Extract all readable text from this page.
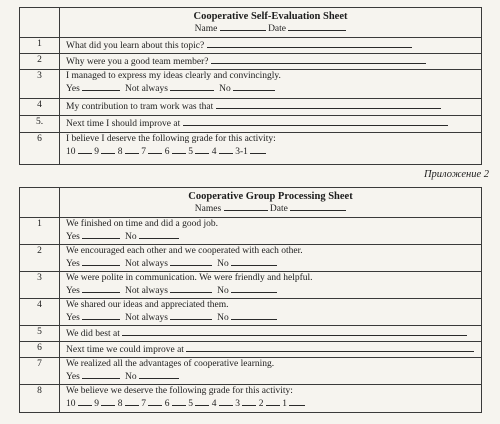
	Cooperative Self-Evaluation Sheet
Name Date

1	What did you learn about this topic?
2	Why were you a good team member?
3	I managed to express my ideas clearly and convincingly.
Yes Not always No

4	My contribution to tram work was that
5.	Next time I should improve at
6	I believe I deserve the following grade for this activity:
10 9 8 7 6 5 4 3-1
Приложение 2

	Cooperative Group Processing Sheet
Names Date

1	We finished on time and did a good job.
Yes No

2	We encouraged each other and we cooperated with each other.
Yes Not always No

3	We were polite in communication. We were friendly and helpful.
Yes Not always No

4	We shared our ideas and appreciated them.
Yes Not always No

5	We did best at
6	Next time we could improve at
7	We realized all the advantages of cooperative learning.
Yes No

8	We believe we deserve the following grade for this activity:
10 9 8 7 6 5 4 3 2 1
